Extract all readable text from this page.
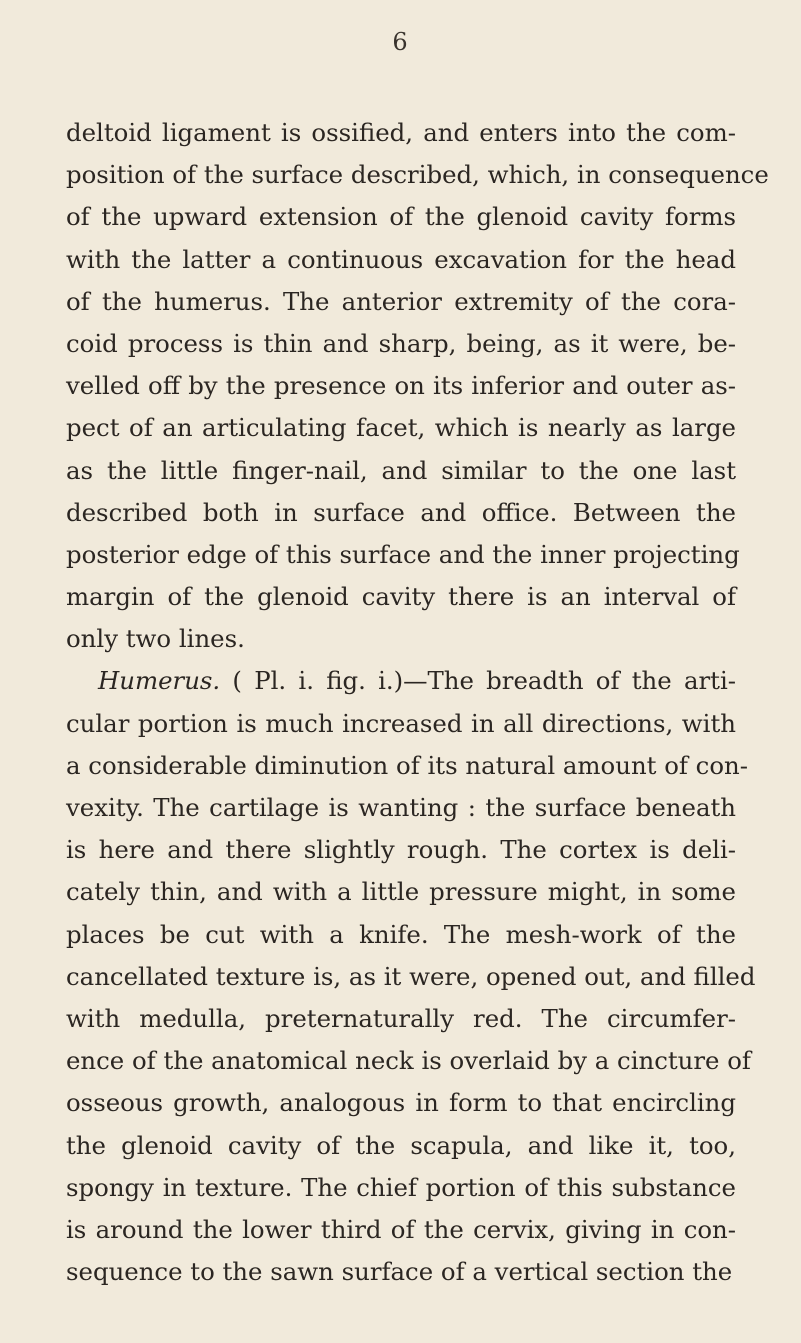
6
deltoid ligament is ossified, and enters into the com-
position of the surface described, which, in consequence
of the upward extension of the glenoid cavity forms
with the latter a continuous excavation for the head
of the humerus. The anterior extremity of the cora-
coid process is thin and sharp, being, as it were, be-
velled off by the presence on its inferior and outer as-
pect of an articulating facet, which is nearly as large
as the little finger-nail, and similar to the one last
described both in surface and office. Between the
posterior edge of this surface and the inner projecting
margin of the glenoid cavity there is an interval of
only two lines.
Humerus. ( Pl. i. fig. i.)—The breadth of the arti-
cular portion is much increased in all directions, with
a considerable diminution of its natural amount of con-
vexity. The cartilage is wanting : the surface beneath
is here and there slightly rough. The cortex is deli-
cately thin, and with a little pressure might, in some
places be cut with a knife. The mesh-work of the
cancellated texture is, as it were, opened out, and filled
with medulla, preternaturally red. The circumfer-
ence of the anatomical neck is overlaid by a cincture of
osseous growth, analogous in form to that encircling
the glenoid cavity of the scapula, and like it, too,
spongy in texture. The chief portion of this substance
is around the lower third of the cervix, giving in con-
sequence to the sawn surface of a vertical section the
